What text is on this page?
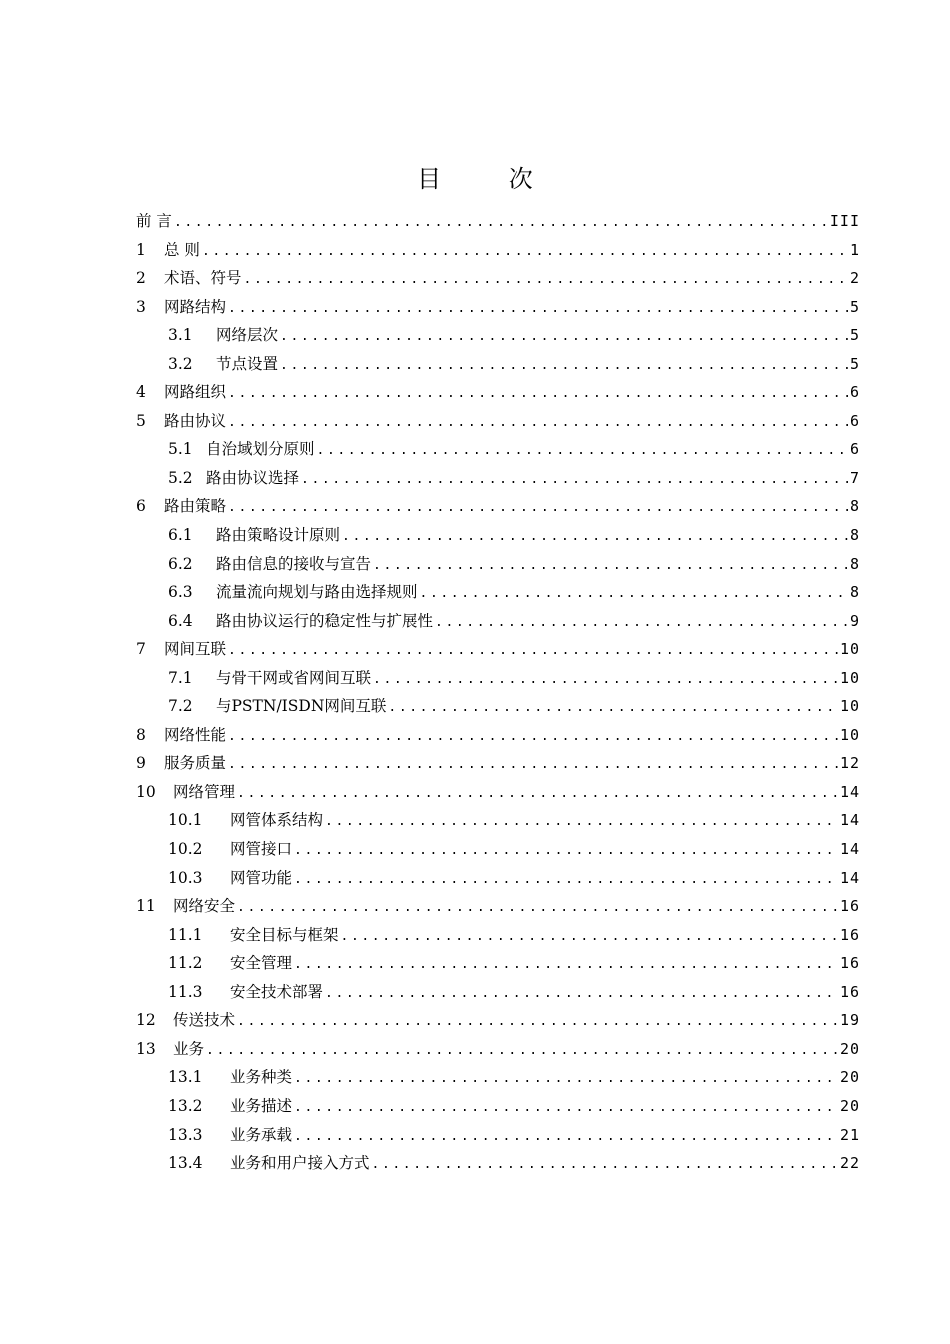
目 次
前 言 .....	III
1	总 则 .....	1
2	术语、符号 .....	2
3	网路结构 .....	5
3.1	网络层次 .....	5
3.2	节点设置 .....	5
4	网路组织 .....	6
5	路由协议 .....	6
5.1 自治域划分原则 .....	6
5.2 路由协议选择 .....	7
6	路由策略 .....	8
6.1	路由策略设计原则 .....	8
6.2	路由信息的接收与宣告 .....	8
6.3	流量流向规划与路由选择规则 .....	8
6.4	路由协议运行的稳定性与扩展性 .....	9
7	网间互联 .....	10
7.1	与骨干网或省网间互联 .....	10
7.2	与PSTN/ISDN网间互联 .....	10
8	网络性能 .....	10
9	服务质量 .....	12
10	网络管理 .....	14
10.1	网管体系结构 .....	14
10.2	网管接口 .....	14
10.3	网管功能 .....	14
11	网络安全 .....	16
11.1	安全目标与框架 .....	16
11.2	安全管理 .....	16
11.3	安全技术部署 .....	16
12	传送技术 .....	19
13	业务 .....	20
13.1	业务种类 .....	20
13.2	业务描述 .....	20
13.3	业务承载 .....	21
13.4	业务和用户接入方式 .....	22
